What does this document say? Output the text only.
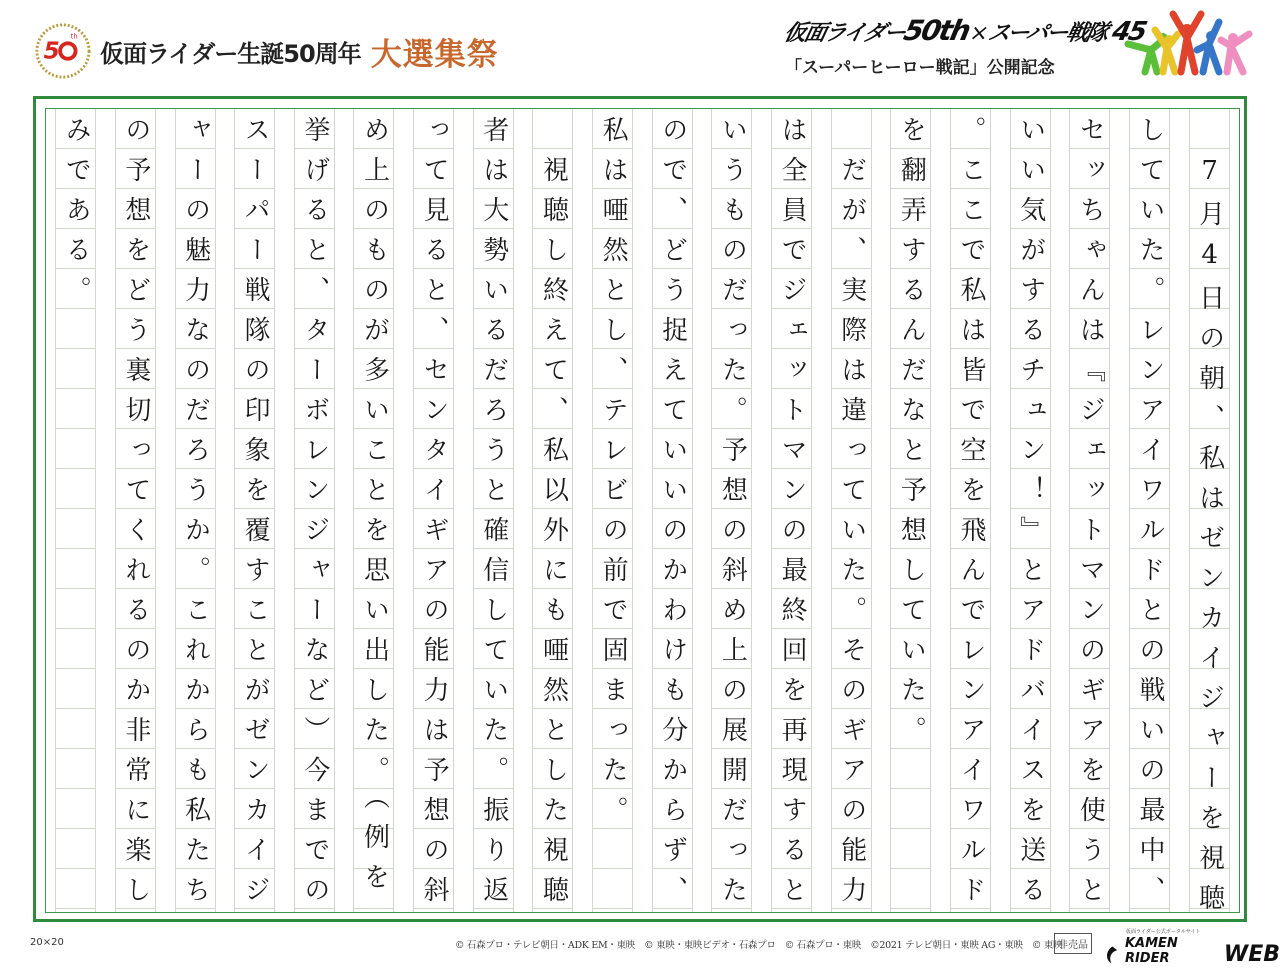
5
th
仮面ライダー生誕50周年 大選集祭
仮面ライダー50th×スーパー戦隊45
「スーパーヒーロー戦記」公開記念
　7月4日の朝、私はゼンカイジャーを視聴
していた。レンアイワルドとの戦いの最中、
セッちゃんは『ジェットマンのギアを使うと
いい気がするチュン！』とアドバイスを送る
。ここで私は皆で空を飛んでレンアイワルド
を翻弄するんだなと予想していた。
　だが、実際は違っていた。そのギアの能力
は全員でジェットマンの最終回を再現すると
いうものだった。予想の斜め上の展開だった
ので、どう捉えていいのかわけも分からず、
私は唖然とし、テレビの前で固まった。
　視聴し終えて、私以外にも唖然とした視聴
者は大勢いるだろうと確信していた。振り返
って見ると、センタイギアの能力は予想の斜
め上のものが多いことを思い出した。（例を
挙げると、ターボレンジャーなど）今までの
スーパー戦隊の印象を覆すことがゼンカイジ
ャーの魅力なのだろうか。これからも私たち
の予想をどう裏切ってくれるのか非常に楽し
みである。
20×20	© 石森プロ・テレビ朝日・ADK EM・東映　© 東映・東映ビデオ・石森プロ　© 石森プロ・東映　©2021 テレビ朝日・東映 AG・東映　© 東映
非売品
仮面ライダー公式ポータルサイト
KAMEN RIDER	WEB
